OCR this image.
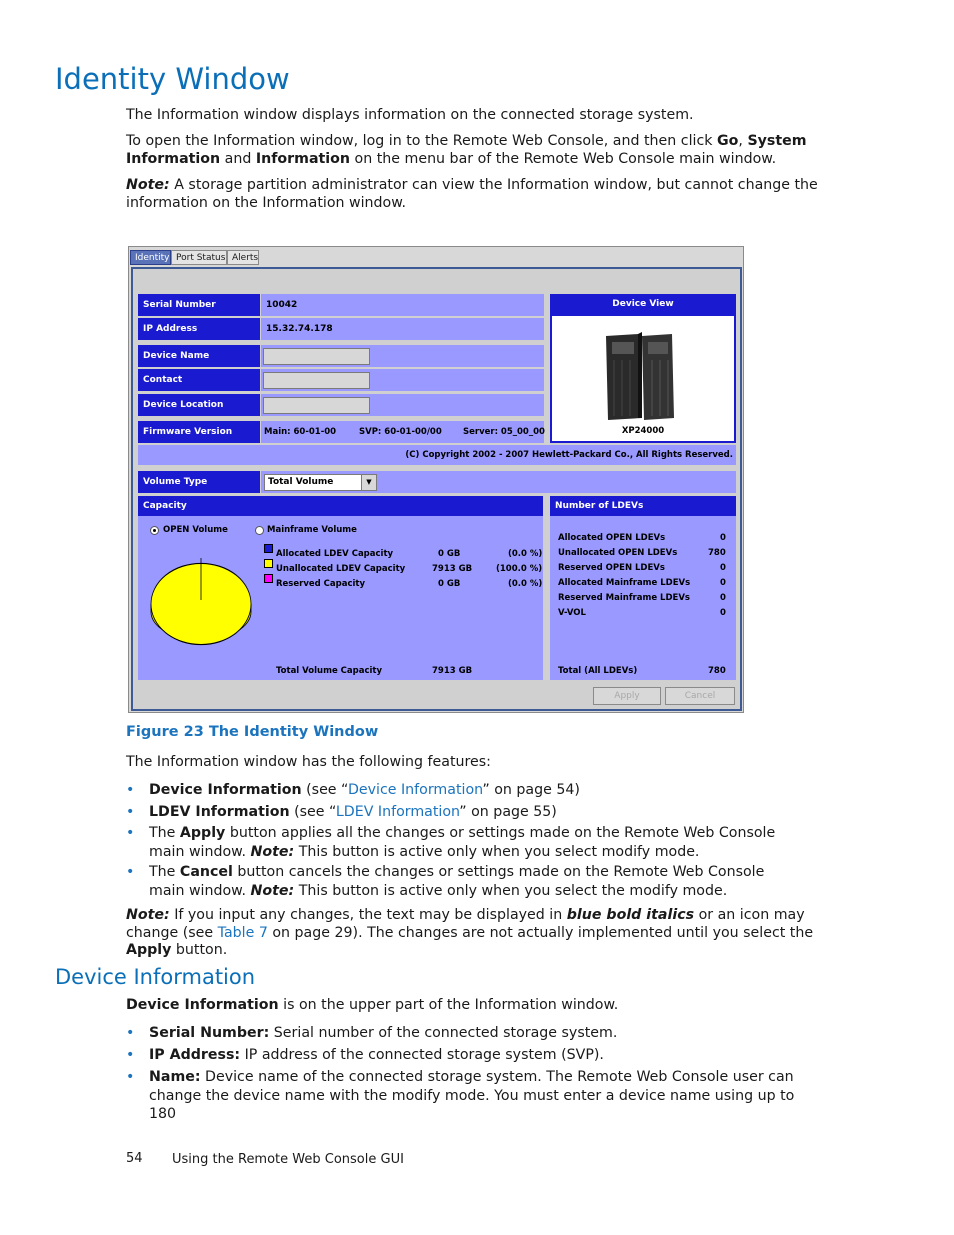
Identity Window
The Information window displays information on the connected storage system.
To open the Information window, log in to the Remote Web Console, and then click Go, System Information and Information on the menu bar of the Remote Web Console main window.
Note: A storage partition administrator can view the Information window, but cannot change the information on the Information window.
Identity Port Status Alerts
Serial Number	10042
IP Address	15.32.74.178
Device Name
Contact
Device Location
Firmware Version	Main: 60-01-00	SVP: 60-01-00/00 Server: 05_00_00
Device View
XP24000
(C) Copyright 2002 - 2007 Hewlett-Packard Co., All Rights Reserved.
Volume Type	Total Volume	▼
Capacity
OPEN Volume	Mainframe Volume
Allocated LDEV Capacity	0 GB	(0.0 %)
Unallocated LDEV Capacity	7913 GB	(100.0 %)
Reserved Capacity	0 GB	(0.0 %)
Total Volume Capacity	7913 GB
Number of LDEVs
Allocated OPEN LDEVs	0
Unallocated OPEN LDEVs	780
Reserved OPEN LDEVs	0
Allocated Mainframe LDEVs	0
Reserved Mainframe LDEVs	0
V-VOL	0
Total (All LDEVs)	780
Apply	Cancel
Figure 23 The Identity Window
The Information window has the following features:
• Device Information (see “Device Information” on page 54)
• LDEV Information (see “LDEV Information” on page 55)
• The Apply button applies all the changes or settings made on the Remote Web Console main window. Note: This button is active only when you select modify mode.
• The Cancel button cancels the changes or settings made on the Remote Web Console main window. Note: This button is active only when you select the modify mode.
Note: If you input any changes, the text may be displayed in blue bold italics or an icon may change (see Table 7 on page 29). The changes are not actually implemented until you select the Apply button.
Device Information
Device Information is on the upper part of the Information window.
• Serial Number: Serial number of the connected storage system.
• IP Address: IP address of the connected storage system (SVP).
• Name: Device name of the connected storage system. The Remote Web Console user can change the device name with the modify mode. You must enter a device name using up to 180
54 Using the Remote Web Console GUI
